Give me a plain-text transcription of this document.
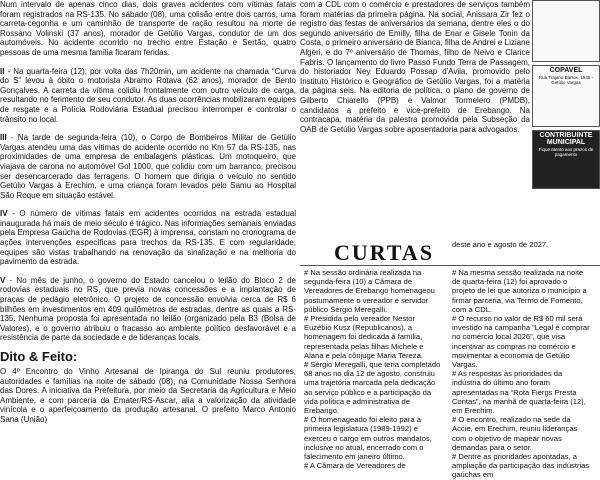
Num intervalo de apenas cinco dias, dois graves acidentes com vítimas fatais foram registrados na RS-135. No sábado (08), uma colisão entre dois carros, uma carreta-cegonha e um caminhão de transporte de ração resultou na morte de Rossano Volinski (37 anos), morador de Getúlio Vargas, condutor de um dos automóveis. No acidente ocorrido no trecho entre Estação e Sertão, quatro pessoas de uma mesma família ficaram feridas.

II - Na quarta-feira (12), por volta das 7h20min, um acidente na chamada “Curva do S” levou à óbito o motorista Abramo Rotava (62 anos), morador de Bento Gonçalves. A carreta da vítima colidiu frontalmente com outro veículo de carga, resultando no ferimento de seu condutor. As duas ocorrências mobilizaram equipes de resgate e a Polícia Rodoviária Estadual precisou interromper e controlar o trânsito no local.

III - Na tarde de segunda-feira (10), o Corpo de Bombeiros Militar de Getúlio Vargas atendeu uma das vítimas do acidente ocorrido no Km 57 da RS-135, nas proximidades de uma empresa de embalagens plásticas. Um motoqueiro, que viajava de carona no automóvel Gol 1000, que colidiu com um barranco, precisou ser desencarcerado das ferragens. O homem que dirigia o veículo no sentido Getúlio Vargas à Erechim, e uma criança foram levados pelo Samu ao Hospital São Roque em situação estável.

IV - O número de vítimas fatais em acidentes ocorridos na estrada estadual inaugurada há mais de meio século é trágico. Nas informações semanais enviadas pela Empresa Gaúcha de Rodovias (EGR) à imprensa, constam no cronograma de ações intervenções específicas para trechos da RS-135. E com regularidade, equipes são vistas trabalhando na renovação da sinalização e na melhoria do pavimento da estrada.

V - No mês de junho, o governo do Estado cancelou o leilão do Bloco 2 de rodovias estaduais no RS, que previa novas concessões e a implantação de praças de pedágio eletrônico. O projeto de concessão envolvia cerca de R$ 6 bilhões em investimentos em 409 quilômetros de estradas, dentre as quais a RS-135. Nenhuma proposta foi apresentada no leilão (organizado pela B3 (Bolsa de Valores), e o governo atribuiu o fracasso ao ambiente político desfavorável e a resistência de parte da sociedade e de lideranças locais.

Dito & Feito:

O 4º Encontro do Vinho Artesanal de Ipiranga do Sul reuniu produtores, autoridades e famílias na noite de sábado (08), na Comunidade Nossa Senhora das Dores. A iniciativa da Prefeitura, por meio da Secretaria da Agricultura e Meio Ambiente, e com parceria da Emater/RS-Ascar, alia a valorização da atividade vinícola e o aperfeiçoamento da produção artesanal. O prefeito Marco Antonio Sana (União)

com a CDL com o comércio e prestadores de serviços também foram matérias da primeira página. Na social, Anissara Zir fez o registro das festas de aniversários da semana, dentre eles o do segundo aniversário de Emilly, filha de Enar e Gisele Tonin da Costa, o primeiro aniversário de Bianca, filha de Andrei e Liziane Algeri, e do 7º aniversário de Thomás, filho de Neivo e Clarice Fabris. O lançamento do livro Passo Fundo Terra de Passagem, do historiador Ney Eduardo Possap d'Avila, promovido pelo Instituto Histórico e Geográfico de Getúlio Vargas, foi a matéria da página seis. Na editoria de política, o plano de governo de Gilberto Chiarello (PPB) e Valmor Tormelero (PMDB), candidatos a prefeito e vice-prefeito de Erebango. Na contracapa, matéria da palestra promovida pela Subseção da OAB de Getúlio Vargas sobre aposentadoria para advogados.

COPAVEL
Rua Trajano Barros, 1545 - Getúlio Vargas
CONTRIBUINTE MUNICIPAL
Fique atento aos prazos de pagamento
CURTAS deste ano e agosto de 2027.

# Na sessão ordinária realizada na segunda-feira (10) a Câmara de Vereadores de Erebango homenageou postumamente o vereador e servidor público Sérgio Meregalli.

# Presidida pelo vereador Nestor Euzébio Kusz (Republicanos), a homenagem foi dedicada à família, representada pelas filhas Michele e Alana e pela cônjuge Maria Tereza.

# Sérgio Meregalli, que teria completado 68 anos no dia 12 de agosto, construiu uma trajetória marcada pela dedicação ao serviço público e a participação da vida política e administrativa de Erebango.

# O homenageado foi eleito para a primeira legislatura (1989-1992) e exerceu o cargo em outros mandatos, inclusive no atual, encerrado com o falecimento em janeiro último.

# A Câmara de Vereadores de

# Na mesma sessão realizada na noite de quarta-feira (12) foi aprovado o projeto de lei que autoriza o município a firmar parceria, via Termo de Fomento, com a CDL.

# O recurso no valor de R$ 60 mil será investido na campanha “Legal é comprar no comércio local 2026”, que visa incentivar as compras no comércio e movimentar a economia de Getúlio Vargas.

# As respostas às prioridades da indústria do último ano foram apresentadas na “Rota Fiergs Presta Contas”, na manhã de quarta-feira (12), em Erechim.

# O encontro, realizado na sede da Accie, em Erechim, reuniu lideranças com o objetivo de mapear novas demandas para o setor.

# Dentre as prioridades apontadas, a ampliação da participação das indústrias gaúchas em
